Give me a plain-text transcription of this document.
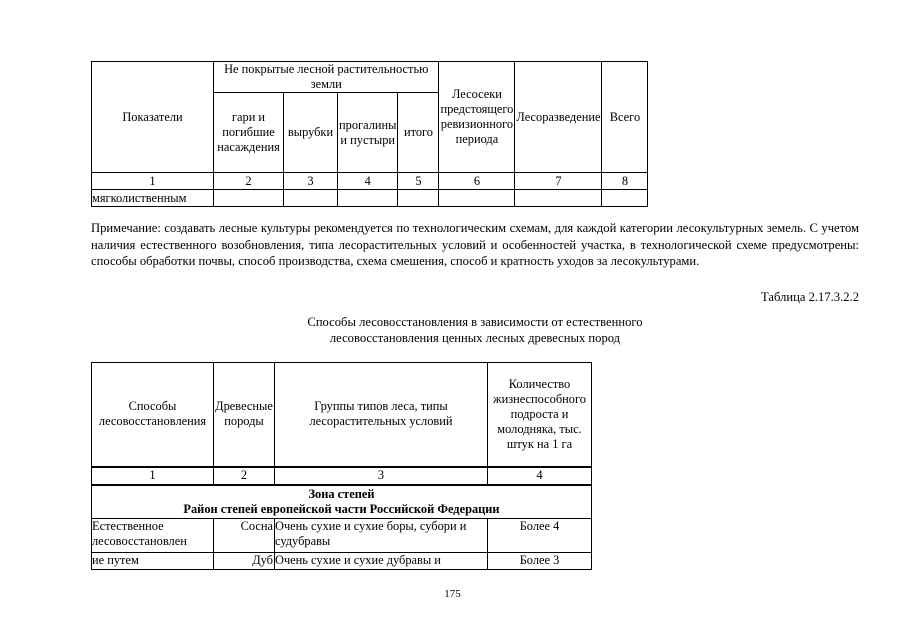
Показатели	Не покрытые лесной растительностью земли				Лесосеки предстоящего ревизионного периода	Лесоразведение	Всего
	гари и погибшие насаждения	вырубки	прогалины и пустыри	итого			
1	2	3	4	5	6	7	8
мягколиственным							
Примечание: создавать лесные культуры рекомендуется по технологическим схемам, для каждой категории лесокультурных земель. С учетом наличия естественного возобновления, типа лесорастительных условий и особенностей участка, в технологической схеме предусмотрены: способы обработки почвы, способ производства, схема смешения, способ и кратность уходов за лесокультурами.
Таблица 2.17.3.2.2
Способы лесовосстановления в зависимости от естественного
лесовосстановления ценных лесных древесных пород
Способы лесовосстановления	Древесные породы	Группы типов леса, типы лесорастительных условий	Количество жизнеспособного подроста и молодняка, тыс. штук на 1 га
1	2	3	4

Зона степей
Район степей европейской части Российской Федерации			

Естественное лесовосстановлен	Сосна	Очень сухие и сухие боры, субори и судубравы	Более 4
ие путем	Дуб	Очень сухие и сухие дубравы и	Более 3
175
